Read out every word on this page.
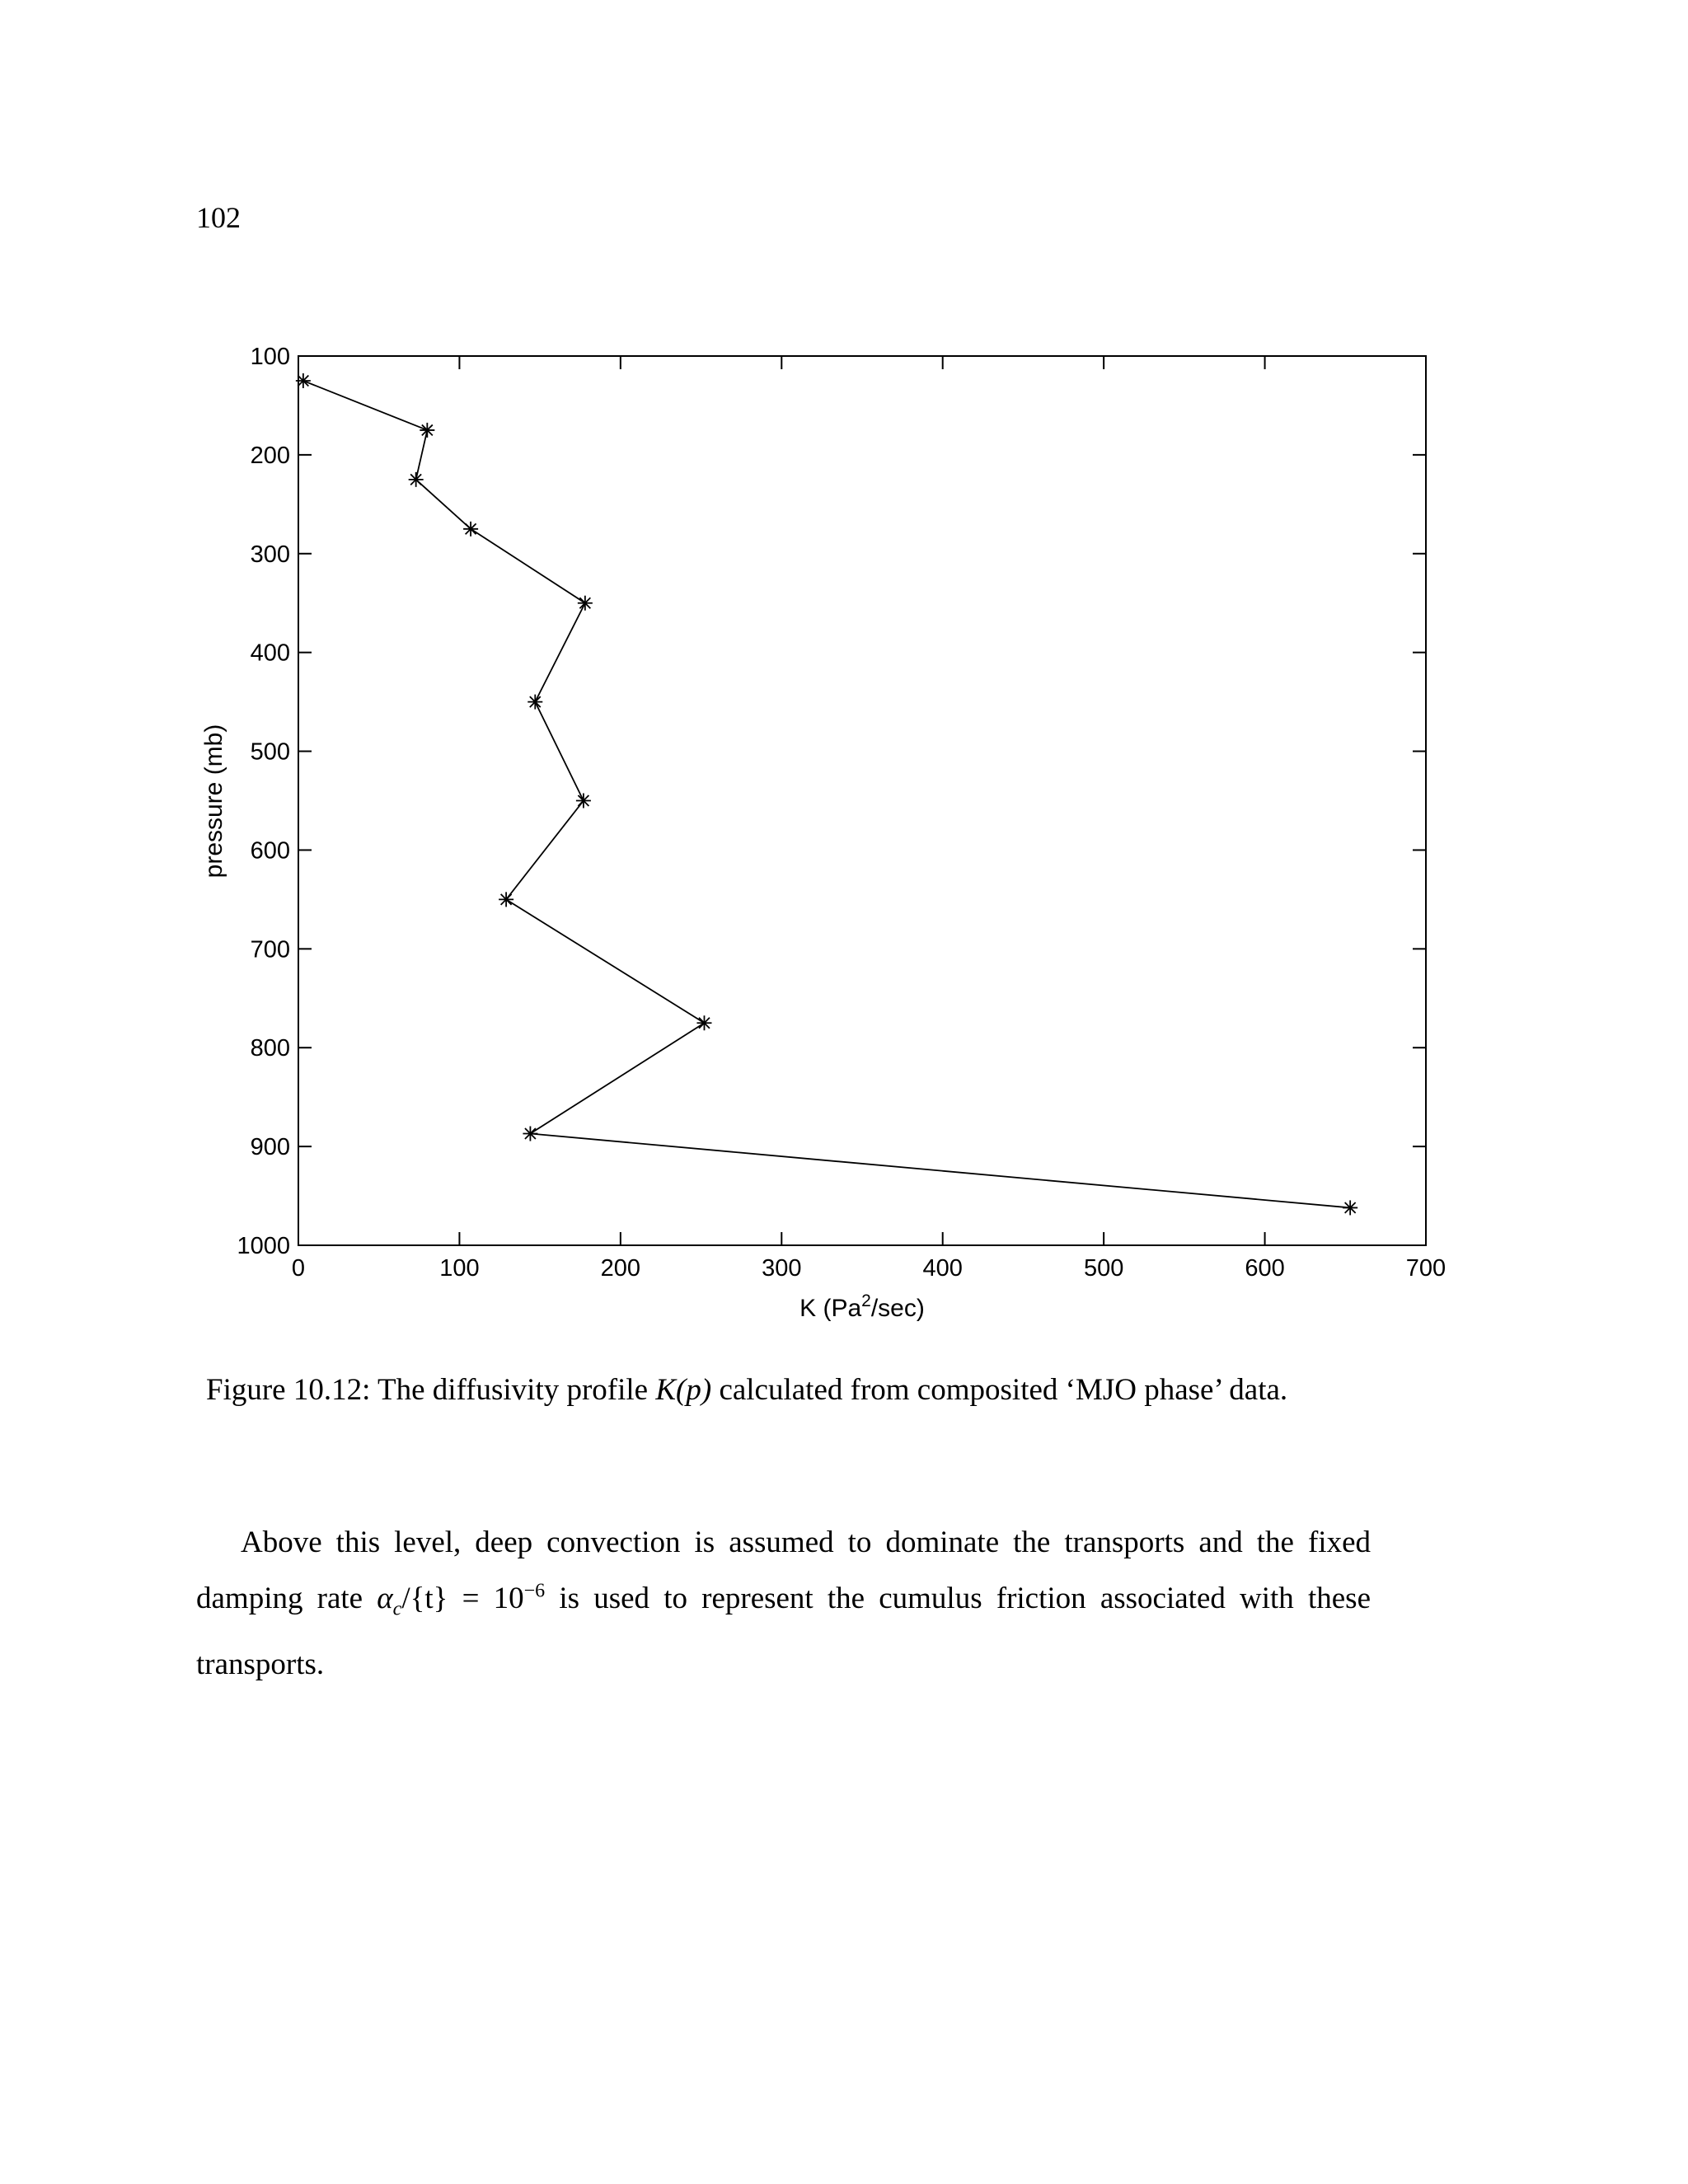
102
0	100	200	300	400	500	600	700
100
200
300
400
500
600
700
800
900
1000
K (Pa$^2$/sec)
pressure (mb)
Figure 10.12: The diffusivity profile K(p) calculated from composited ‘MJO phase’ data.

Above this level, deep convection is assumed to dominate the transports and the fixed damping rate $\alpha_c/\{t\} = 10^{-6}$ is used to represent the cumulus friction associated with these transports.
